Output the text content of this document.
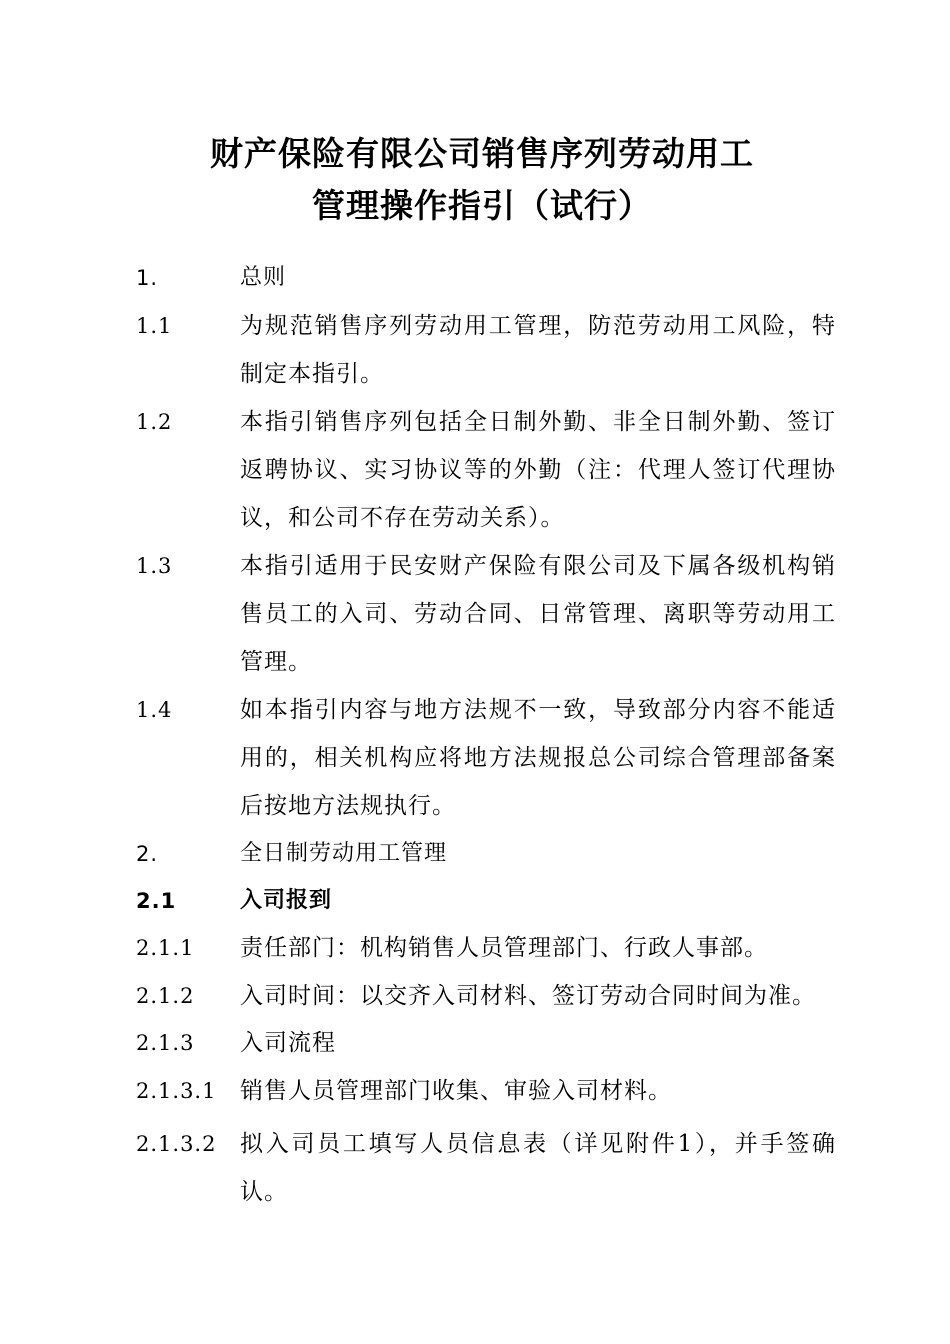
财产保险有限公司销售序列劳动用工
管理操作指引（试行）
1.	总则
1.1	为规范销售序列劳动用工管理，防范劳动用工风险，特制定本指引。
1.2	本指引销售序列包括全日制外勤、非全日制外勤、签订返聘协议、实习协议等的外勤（注：代理人签订代理协议，和公司不存在劳动关系）。
1.3	本指引适用于民安财产保险有限公司及下属各级机构销售员工的入司、劳动合同、日常管理、离职等劳动用工管理。
1.4	如本指引内容与地方法规不一致，导致部分内容不能适用的，相关机构应将地方法规报总公司综合管理部备案后按地方法规执行。
2.	全日制劳动用工管理
2.1	入司报到
2.1.1 责任部门：机构销售人员管理部门、行政人事部。
2.1.2 入司时间：以交齐入司材料、签订劳动合同时间为准。
2.1.3 入司流程
2.1.3.1 销售人员管理部门收集、审验入司材料。
2.1.3.2 拟入司员工填写人员信息表（详见附件1），并手签确认。
